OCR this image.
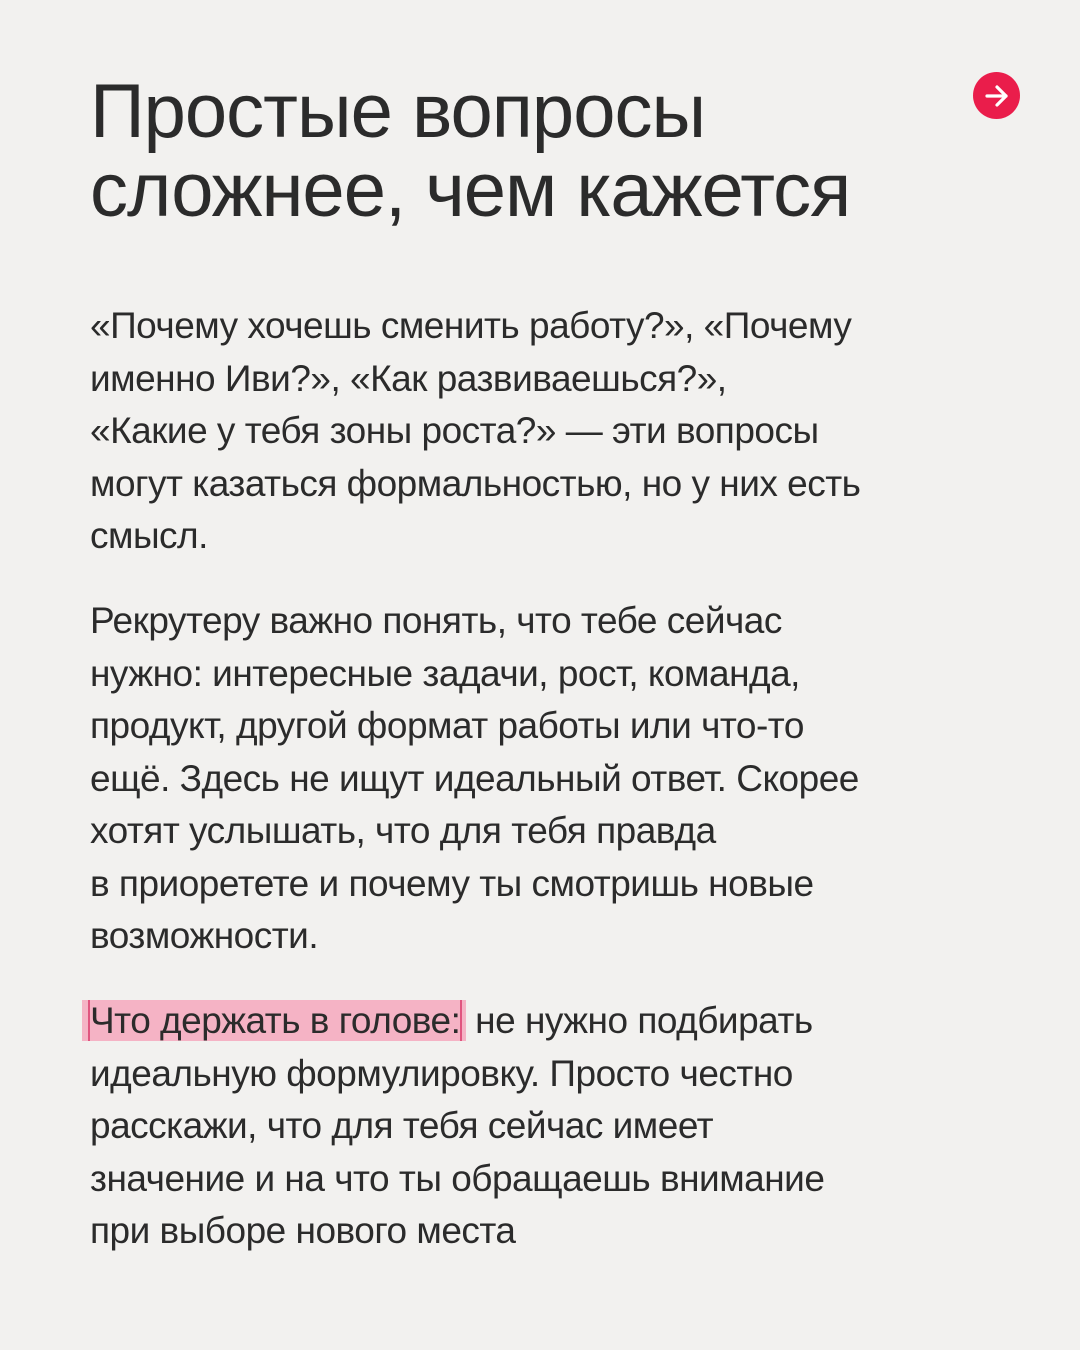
Простые вопросы
сложнее, чем кажется

«Почему хочешь сменить работу?», «Почему
именно Иви?», «Как развиваешься?»,
«Какие у тебя зоны роста?» — эти вопросы
могут казаться формальностью, но у них есть
смысл.

Рекрутеру важно понять, что тебе сейчас
нужно: интересные задачи, рост, команда,
продукт, другой формат работы или что-то
ещё. Здесь не ищут идеальный ответ. Скорее
хотят услышать, что для тебя правда
в приоретете и почему ты смотришь новые
возможности.

Что держать в голове: не нужно подбирать
идеальную формулировку. Просто честно
расскажи, что для тебя сейчас имеет
значение и на что ты обращаешь внимание
при выборе нового места
